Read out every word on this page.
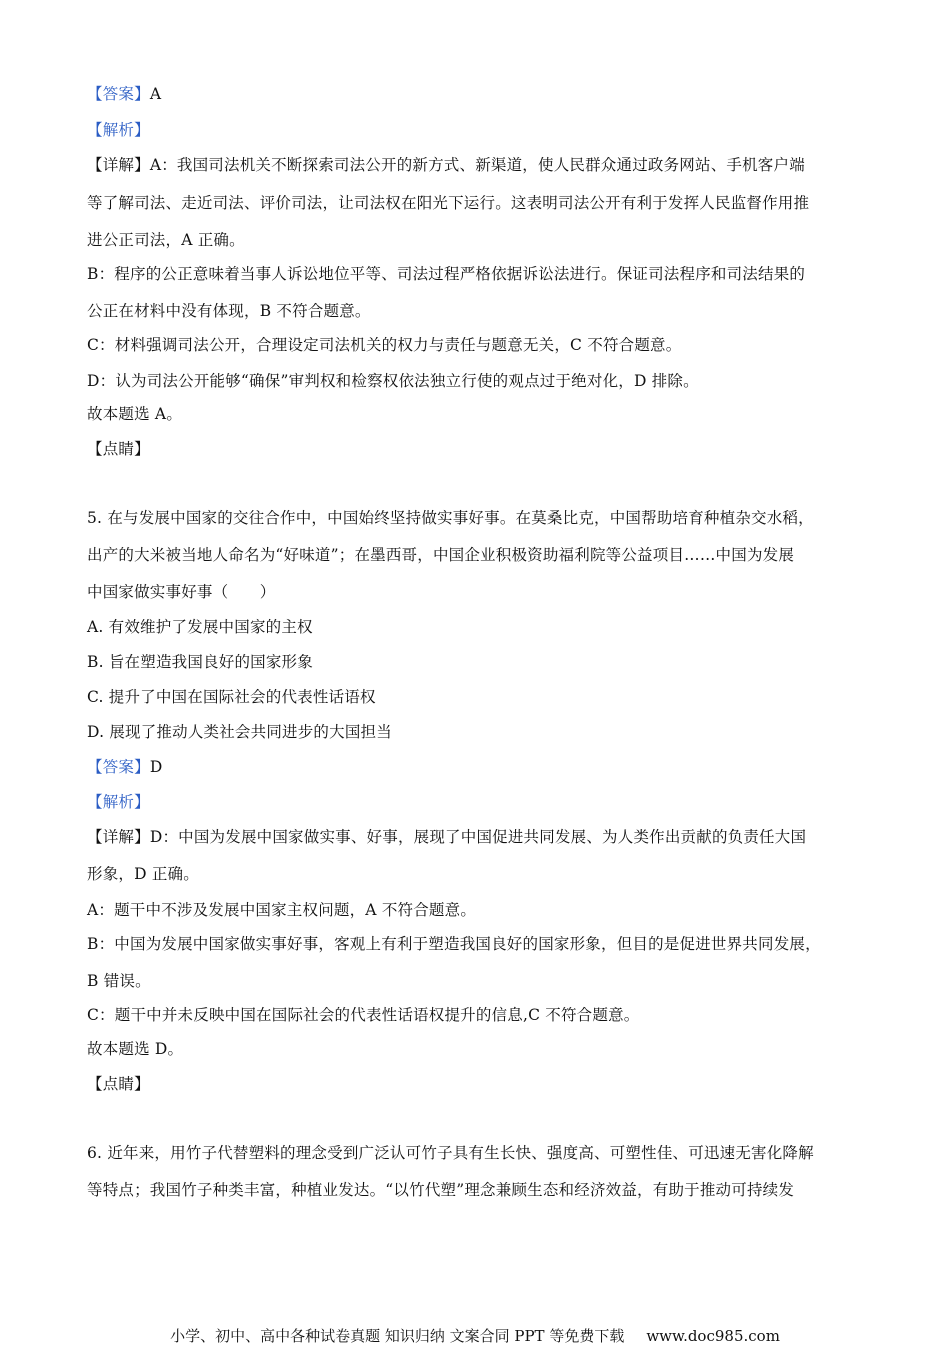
【答案】A
【解析】
【详解】A：我国司法机关不断探索司法公开的新方式、新渠道，使人民群众通过政务网站、手机客户端
等了解司法、走近司法、评价司法，让司法权在阳光下运行。这表明司法公开有利于发挥人民监督作用推
进公正司法，A 正确。
B：程序的公正意味着当事人诉讼地位平等、司法过程严格依据诉讼法进行。保证司法程序和司法结果的
公正在材料中没有体现，B 不符合题意。
C：材料强调司法公开，合理设定司法机关的权力与责任与题意无关，C 不符合题意。
D：认为司法公开能够“确保”审判权和检察权依法独立行使的观点过于绝对化，D 排除。
故本题选 A。
【点睛】
5. 在与发展中国家的交往合作中，中国始终坚持做实事好事。在莫桑比克，中国帮助培育种植杂交水稻，
出产的大米被当地人命名为“好味道”；在墨西哥，中国企业积极资助福利院等公益项目……中国为发展
中国家做实事好事（　　）
A. 有效维护了发展中国家的主权
B. 旨在塑造我国良好的国家形象
C. 提升了中国在国际社会的代表性话语权
D. 展现了推动人类社会共同进步的大国担当
【答案】D
【解析】
【详解】D：中国为发展中国家做实事、好事，展现了中国促进共同发展、为人类作出贡献的负责任大国
形象，D 正确。
A：题干中不涉及发展中国家主权问题，A 不符合题意。
B：中国为发展中国家做实事好事，客观上有利于塑造我国良好的国家形象，但目的是促进世界共同发展，
B 错误。
C：题干中并未反映中国在国际社会的代表性话语权提升的信息,C 不符合题意。
故本题选 D。
【点睛】
6. 近年来，用竹子代替塑料的理念受到广泛认可竹子具有生长快、强度高、可塑性佳、可迅速无害化降解
等特点；我国竹子种类丰富，种植业发达。“以竹代塑”理念兼顾生态和经济效益，有助于推动可持续发
小学、初中、高中各种试卷真题 知识归纳 文案合同 PPT 等免费下载 www.doc985.com
